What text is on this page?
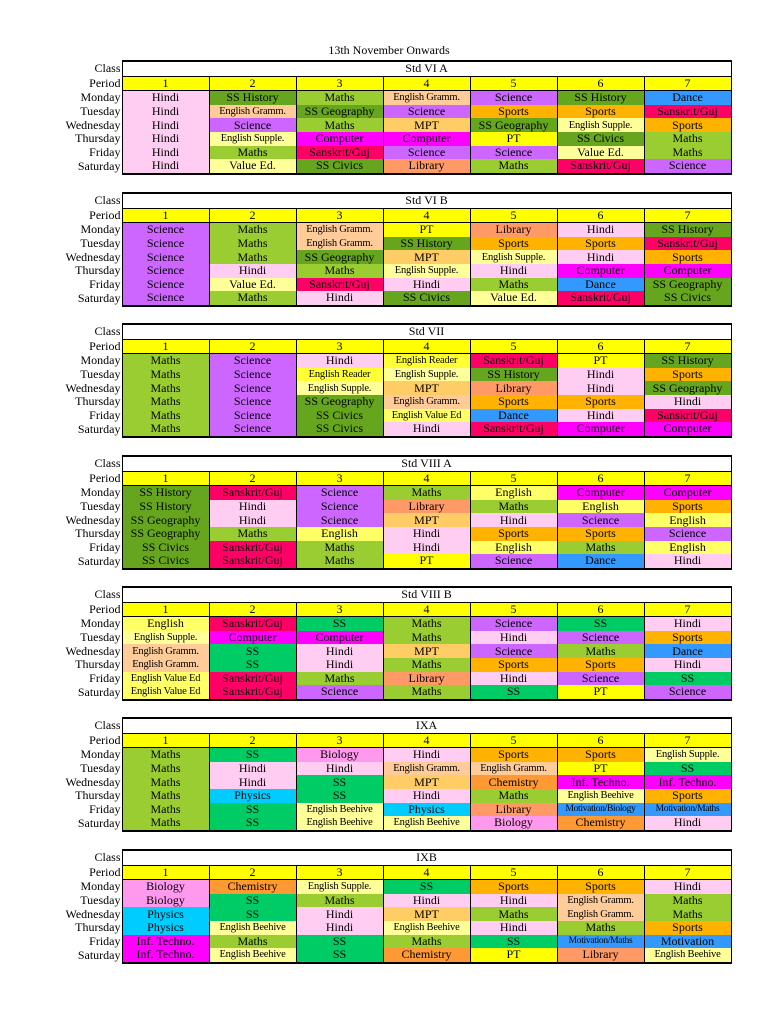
13th November Onwards
Class	Std VI A						
Period	1	2	3	4	5	6	7
Monday	Hindi	SS History	Maths	English Gramm.	Science	SS History	Dance
Tuesday	Hindi	English Gramm.	SS Geography	Science	Sports	Sports	Sanskrit/Guj
Wednesday	Hindi	Science	Maths	MPT	SS Geography	English Supple.	Sports
Thursday	Hindi	English Supple.	Computer	Computer	PT	SS Civics	Maths
Friday	Hindi	Maths	Sanskrit/Guj	Science	Science	Value Ed.	Maths
Saturday	Hindi	Value Ed.	SS Civics	Library	Maths	Sanskrit/Guj	Science
Class	Std VI B						
Period	1	2	3	4	5	6	7
Monday	Science	Maths	English Gramm.	PT	Library	Hindi	SS History
Tuesday	Science	Maths	English Gramm.	SS History	Sports	Sports	Sanskrit/Guj
Wednesday	Science	Maths	SS Geography	MPT	English Supple.	Hindi	Sports
Thursday	Science	Hindi	Maths	English Supple.	Hindi	Computer	Computer
Friday	Science	Value Ed.	Sanskrit/Guj	Hindi	Maths	Dance	SS Geography
Saturday	Science	Maths	Hindi	SS Civics	Value Ed.	Sanskrit/Guj	SS Civics
Class	Std VII						
Period	1	2	3	4	5	6	7
Monday	Maths	Science	Hindi	English Reader	Sanskrit/Guj	PT	SS History
Tuesday	Maths	Science	English Reader	English Supple.	SS History	Hindi	Sports
Wednesday	Maths	Science	English Supple.	MPT	Library	Hindi	SS Geography
Thursday	Maths	Science	SS Geography	English Gramm.	Sports	Sports	Hindi
Friday	Maths	Science	SS Civics	English Value Ed	Dance	Hindi	Sanskrit/Guj
Saturday	Maths	Science	SS Civics	Hindi	Sanskrit/Guj	Computer	Computer
Class	Std VIII A						
Period	1	2	3	4	5	6	7
Monday	SS History	Sanskrit/Guj	Science	Maths	English	Computer	Computer
Tuesday	SS History	Hindi	Science	Library	Maths	English	Sports
Wednesday	SS Geography	Hindi	Science	MPT	Hindi	Science	English
Thursday	SS Geography	Maths	English	Hindi	Sports	Sports	Science
Friday	SS Civics	Sanskrit/Guj	Maths	Hindi	English	Maths	English
Saturday	SS Civics	Sanskrit/Guj	Maths	PT	Science	Dance	Hindi
Class	Std VIII B						
Period	1	2	3	4	5	6	7
Monday	English	Sanskrit/Guj	SS	Maths	Science	SS	Hindi
Tuesday	English Supple.	Computer	Computer	Maths	Hindi	Science	Sports
Wednesday	English Gramm.	SS	Hindi	MPT	Science	Maths	Dance
Thursday	English Gramm.	SS	Hindi	Maths	Sports	Sports	Hindi
Friday	English Value Ed	Sanskrit/Guj	Maths	Library	Hindi	Science	SS
Saturday	English Value Ed	Sanskrit/Guj	Science	Maths	SS	PT	Science
Class	IXA						
Period	1	2	3	4	5	6	7
Monday	Maths	SS	Biology	Hindi	Sports	Sports	English Supple.
Tuesday	Maths	Hindi	Hindi	English Gramm.	English Gramm.	PT	SS
Wednesday	Maths	Hindi	SS	MPT	Chemistry	Inf. Techno.	Inf. Techno.
Thursday	Maths	Physics	SS	Hindi	Maths	English Beehive	Sports
Friday	Maths	SS	English Beehive	Physics	Library	Motivation/Biology	Motivation/Maths
Saturday	Maths	SS	English Beehive	English Beehive	Biology	Chemistry	Hindi
Class	IXB						
Period	1	2	3	4	5	6	7
Monday	Biology	Chemistry	English Supple.	SS	Sports	Sports	Hindi
Tuesday	Biology	SS	Maths	Hindi	Hindi	English Gramm.	Maths
Wednesday	Physics	SS	Hindi	MPT	Maths	English Gramm.	Maths
Thursday	Physics	English Beehive	Hindi	English Beehive	Hindi	Maths	Sports
Friday	Inf. Techno.	Maths	SS	Maths	SS	Motivation/Maths	Motivation
Saturday	Inf. Techno.	English Beehive	SS	Chemistry	PT	Library	English Beehive
